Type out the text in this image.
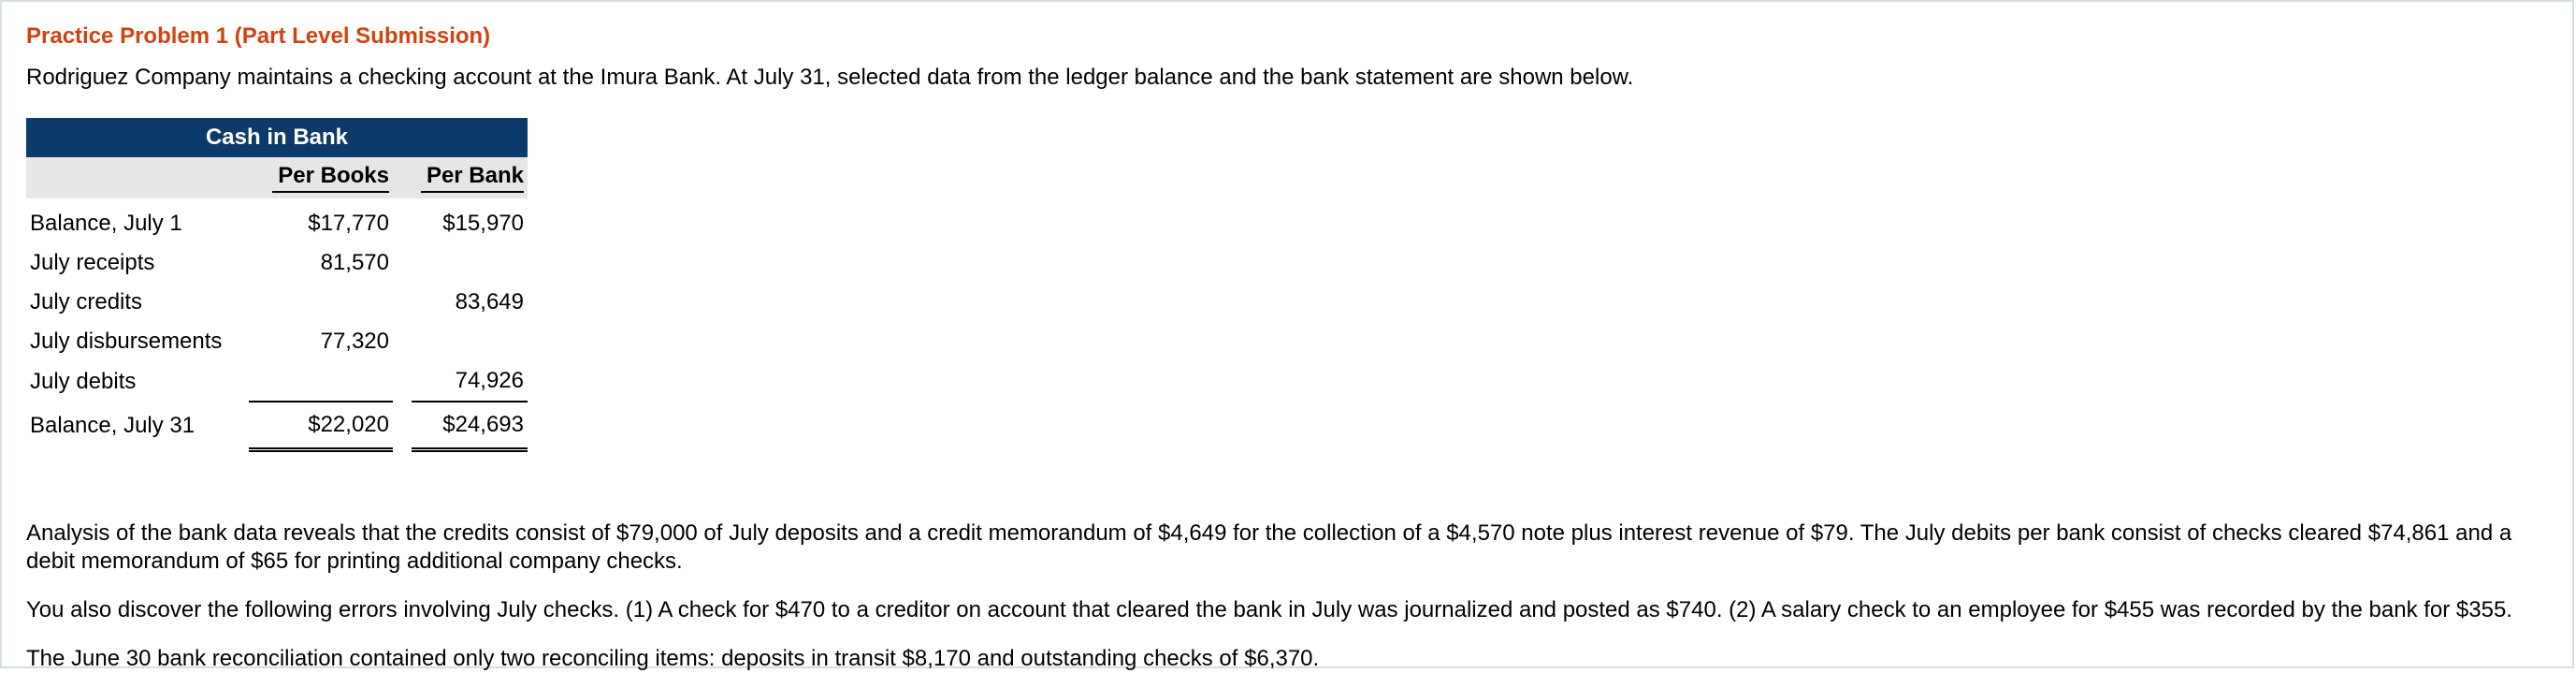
Practice Problem 1 (Part Level Submission)
Rodriguez Company maintains a checking account at the Imura Bank. At July 31, selected data from the ledger balance and the bank statement are shown below.
Cash in Bank			
	Per Books		Per Bank
Balance, July 1	$17,770		$15,970
July receipts	81,570		
July credits			83,649
July disbursements	77,320		
July debits			74,926
Balance, July 31	$22,020		$24,693
Analysis of the bank data reveals that the credits consist of $79,000 of July deposits and a credit memorandum of $4,649 for the collection of a $4,570 note plus interest revenue of $79. The July debits per bank consist of checks cleared $74,861 and a debit memorandum of $65 for printing additional company checks.
You also discover the following errors involving July checks. (1) A check for $470 to a creditor on account that cleared the bank in July was journalized and posted as $740. (2) A salary check to an employee for $455 was recorded by the bank for $355.
The June 30 bank reconciliation contained only two reconciling items: deposits in transit $8,170 and outstanding checks of $6,370.
